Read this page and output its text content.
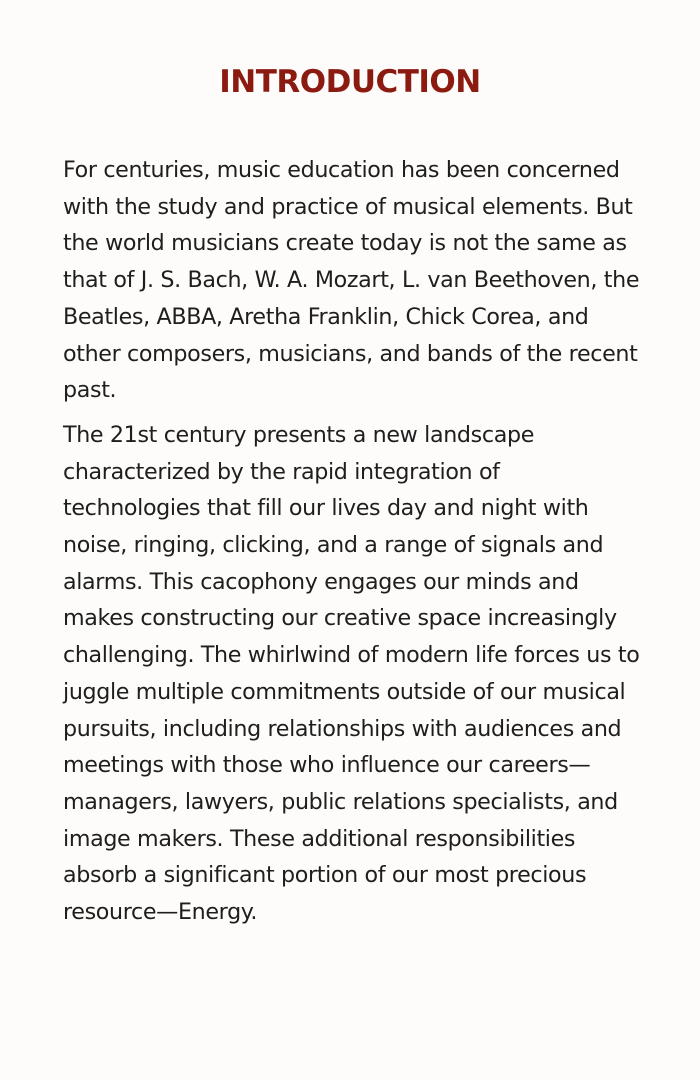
INTRODUCTION

For centuries, music education has been concerned with the study and practice of musical elements. But the world musicians create today is not the same as that of J. S. Bach, W. A. Mozart, L. van Beethoven, the Beatles, ABBA, Aretha Franklin, Chick Corea, and other composers, musicians, and bands of the recent past.

The 21st century presents a new landscape characterized by the rapid integration of technologies that fill our lives day and night with noise, ringing, clicking, and a range of signals and alarms. This cacophony engages our minds and makes constructing our creative space increasingly challenging. The whirlwind of modern life forces us to juggle multiple commitments outside of our musical pursuits, including relationships with audiences and meetings with those who influence our careers—managers, lawyers, public relations specialists, and image makers. These additional responsibilities absorb a significant portion of our most precious resource—Energy.
